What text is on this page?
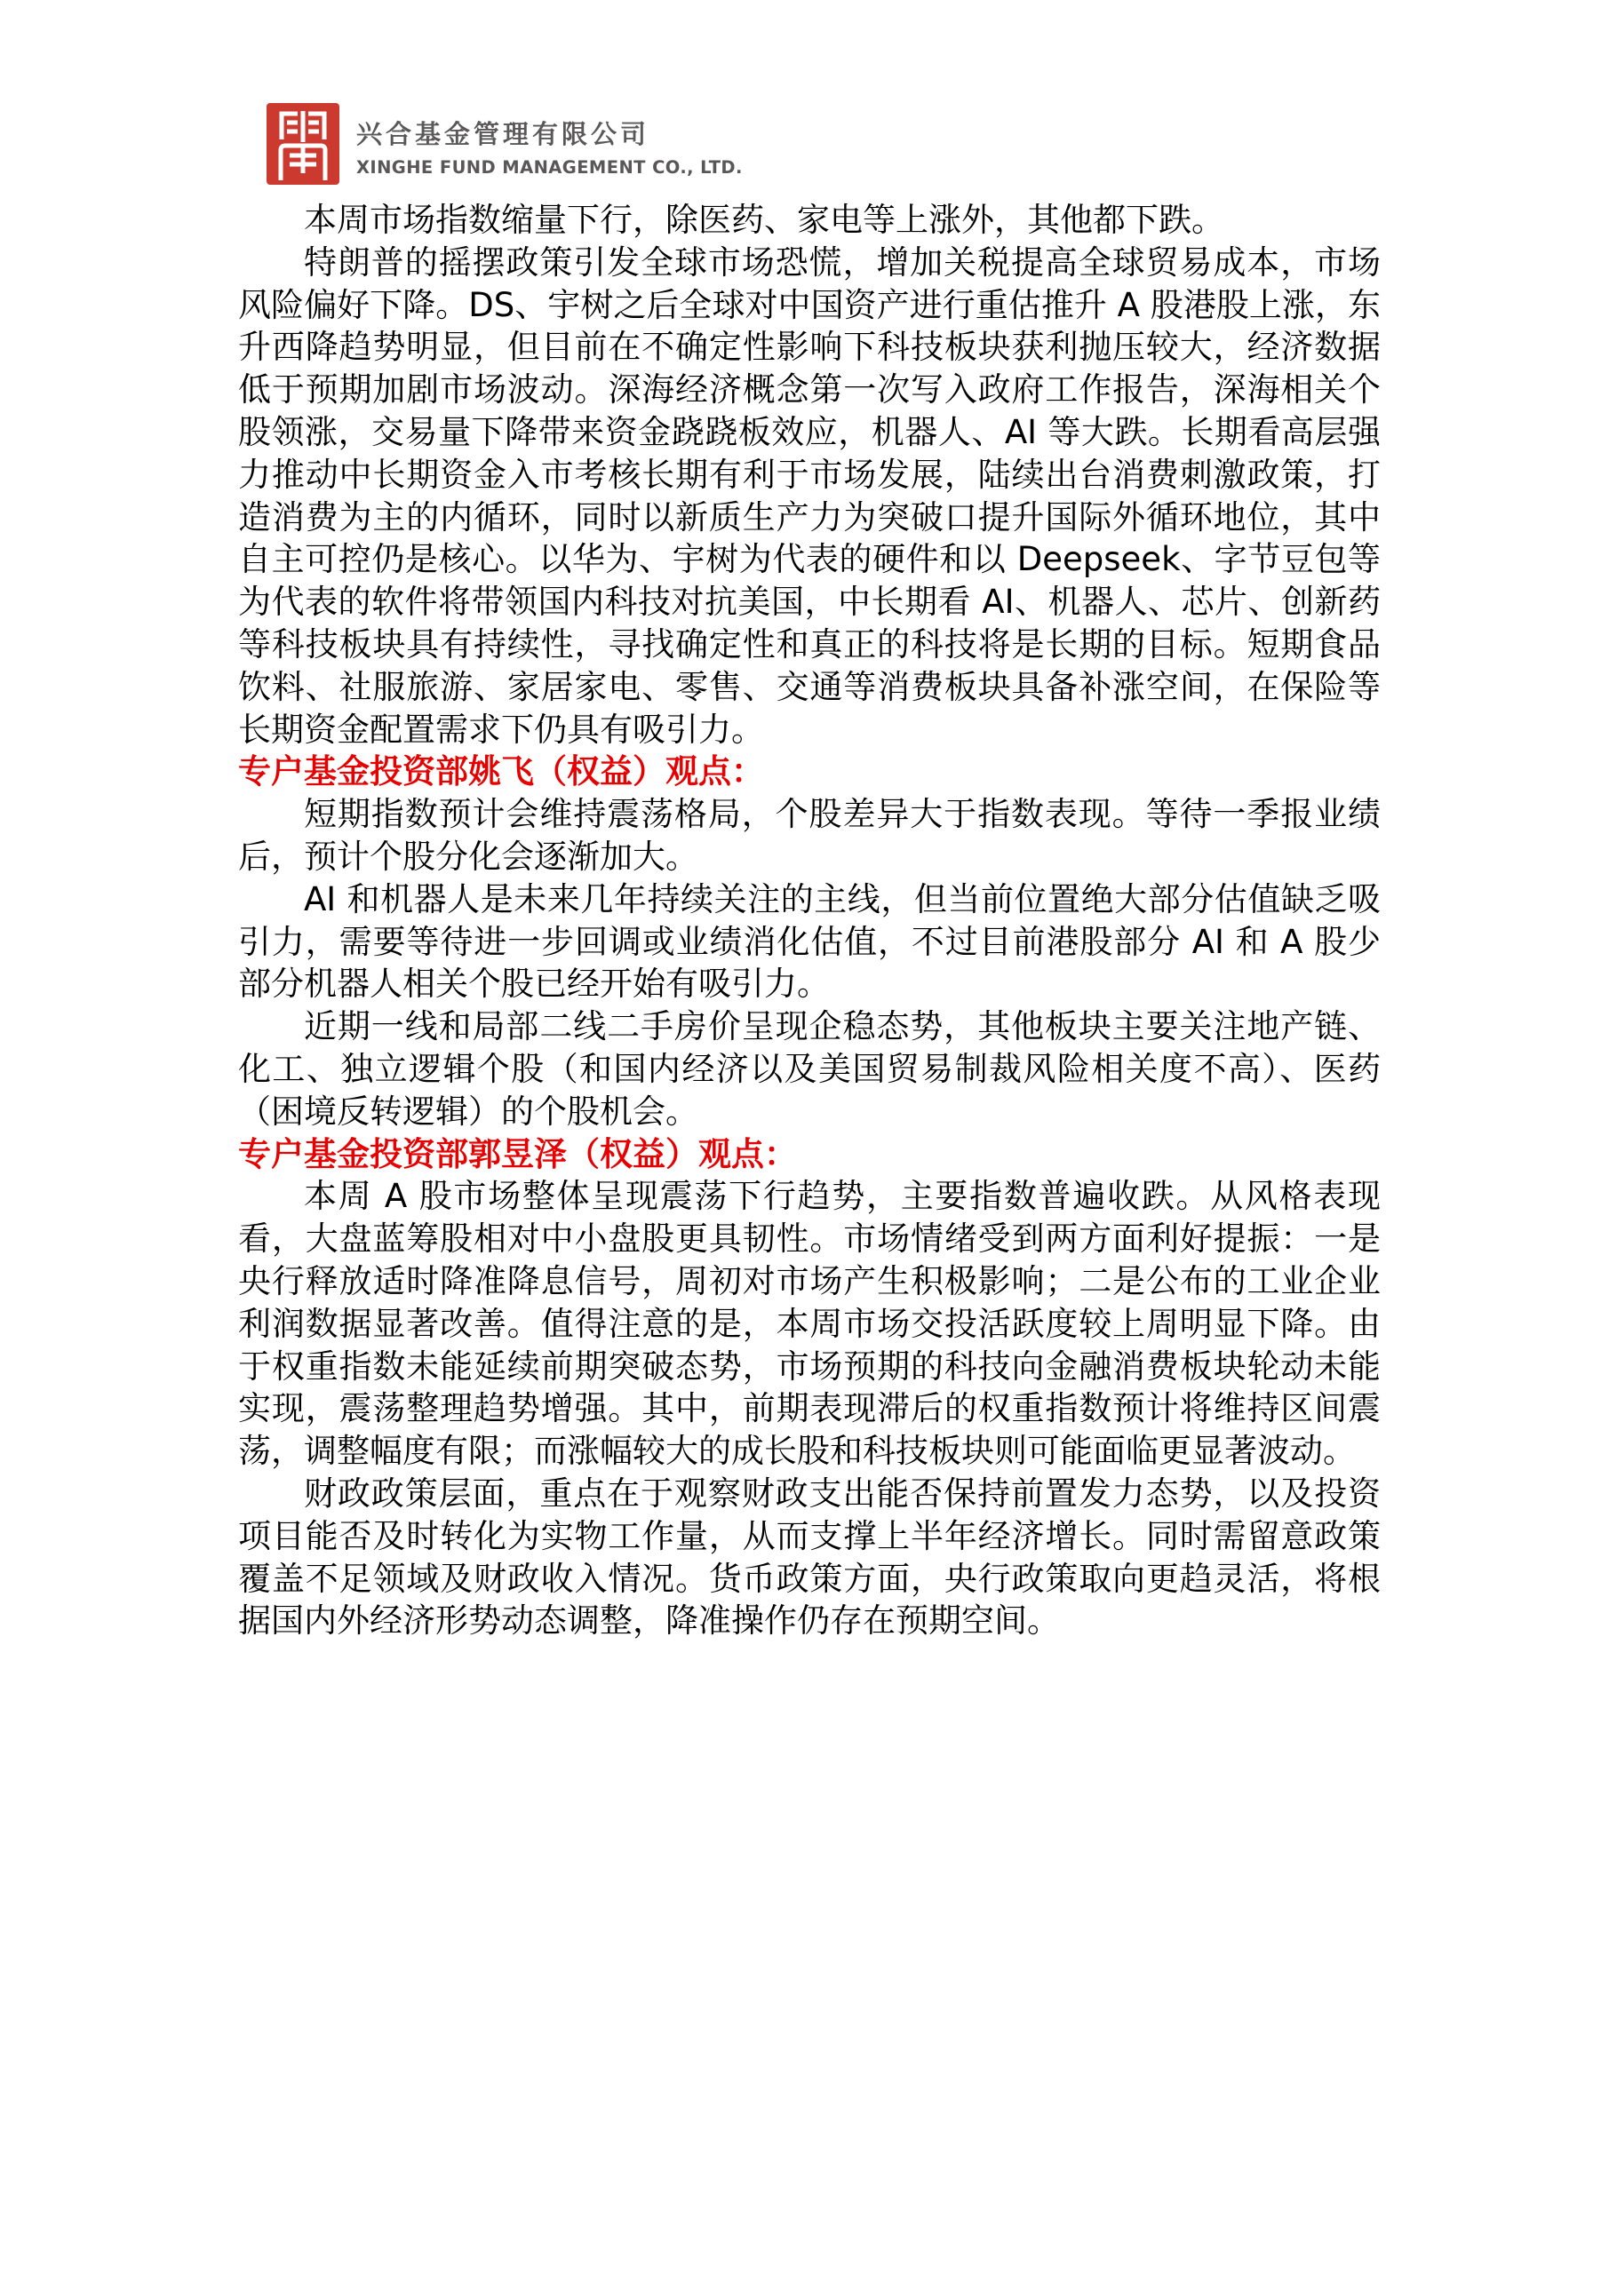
兴合基金管理有限公司
XINGHE FUND MANAGEMENT CO., LTD.

本周市场指数缩量下行，除医药、家电等上涨外，其他都下跌。

特朗普的摇摆政策引发全球市场恐慌，增加关税提高全球贸易成本，市场风险偏好下降。DS、宇树之后全球对中国资产进行重估推升 A 股港股上涨，东升西降趋势明显，但目前在不确定性影响下科技板块获利抛压较大，经济数据低于预期加剧市场波动。深海经济概念第一次写入政府工作报告，深海相关个股领涨，交易量下降带来资金跷跷板效应，机器人、AI 等大跌。长期看高层强力推动中长期资金入市考核长期有利于市场发展，陆续出台消费刺激政策，打造消费为主的内循环，同时以新质生产力为突破口提升国际外循环地位，其中自主可控仍是核心。以华为、宇树为代表的硬件和以 Deepseek、字节豆包等为代表的软件将带领国内科技对抗美国，中长期看 AI、机器人、芯片、创新药等科技板块具有持续性，寻找确定性和真正的科技将是长期的目标。短期食品饮料、社服旅游、家居家电、零售、交通等消费板块具备补涨空间，在保险等长期资金配置需求下仍具有吸引力。

专户基金投资部姚飞（权益）观点：

短期指数预计会维持震荡格局，个股差异大于指数表现。等待一季报业绩后，预计个股分化会逐渐加大。

AI 和机器人是未来几年持续关注的主线，但当前位置绝大部分估值缺乏吸引力，需要等待进一步回调或业绩消化估值，不过目前港股部分 AI 和 A 股少部分机器人相关个股已经开始有吸引力。

近期一线和局部二线二手房价呈现企稳态势，其他板块主要关注地产链、化工、独立逻辑个股（和国内经济以及美国贸易制裁风险相关度不高）、医药（困境反转逻辑）的个股机会。

专户基金投资部郭昱泽（权益）观点：

本周 A 股市场整体呈现震荡下行趋势，主要指数普遍收跌。从风格表现看，大盘蓝筹股相对中小盘股更具韧性。市场情绪受到两方面利好提振：一是央行释放适时降准降息信号，周初对市场产生积极影响；二是公布的工业企业利润数据显著改善。值得注意的是，本周市场交投活跃度较上周明显下降。由于权重指数未能延续前期突破态势，市场预期的科技向金融消费板块轮动未能实现，震荡整理趋势增强。其中，前期表现滞后的权重指数预计将维持区间震荡，调整幅度有限；而涨幅较大的成长股和科技板块则可能面临更显著波动。

财政政策层面，重点在于观察财政支出能否保持前置发力态势，以及投资项目能否及时转化为实物工作量，从而支撑上半年经济增长。同时需留意政策覆盖不足领域及财政收入情况。货币政策方面，央行政策取向更趋灵活，将根据国内外经济形势动态调整，降准操作仍存在预期空间。
